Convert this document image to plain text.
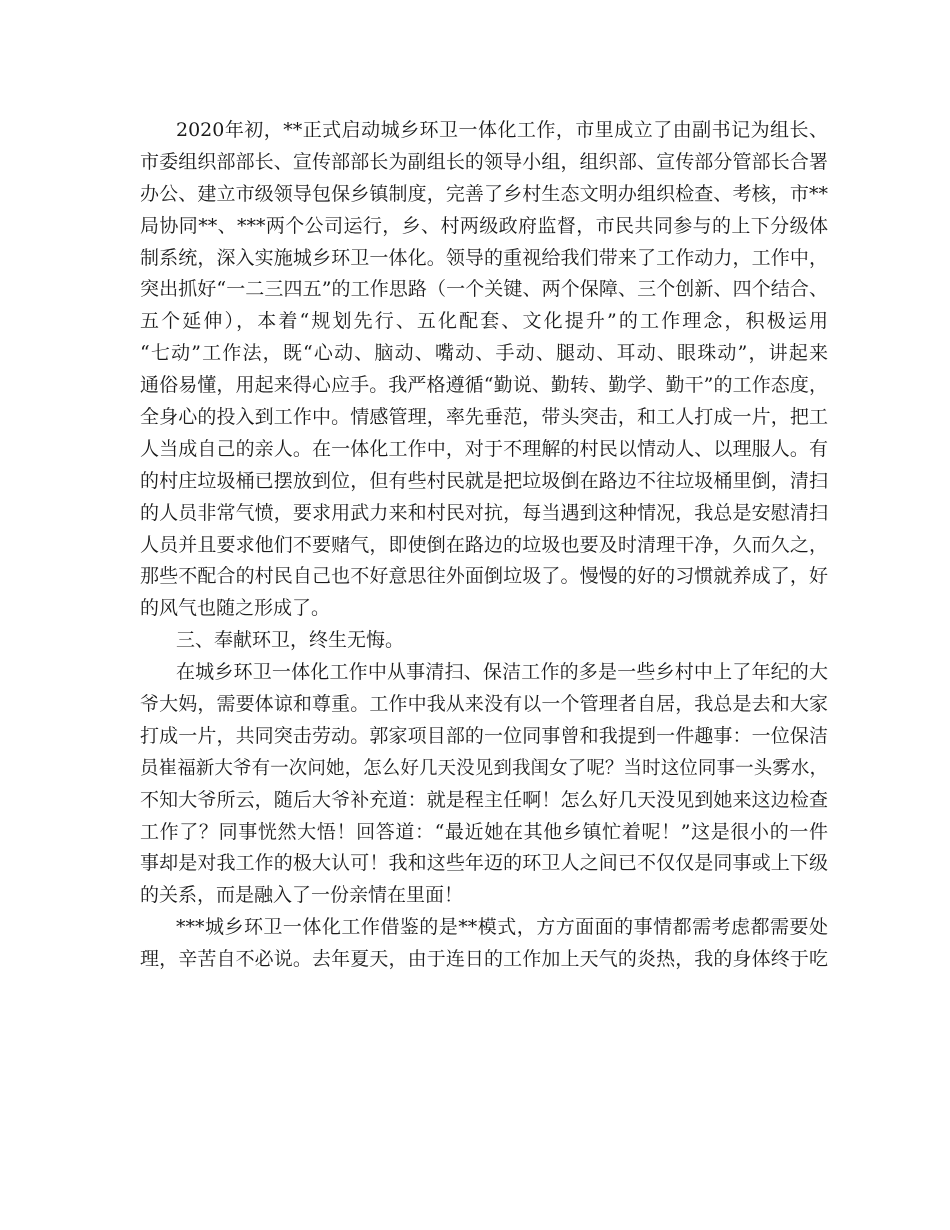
2020年初，**正式启动城乡环卫一体化工作，市里成立了由副书记为组长、
市委组织部部长、宣传部部长为副组长的领导小组，组织部、宣传部分管部长合署
办公、建立市级领导包保乡镇制度，完善了乡村生态文明办组织检查、考核，市**
局协同**、***两个公司运行，乡、村两级政府监督，市民共同参与的上下分级体
制系统，深入实施城乡环卫一体化。领导的重视给我们带来了工作动力，工作中，
突出抓好“一二三四五”的工作思路（一个关键、两个保障、三个创新、四个结合、
五个延伸），本着“规划先行、五化配套、文化提升”的工作理念，积极运用
“七动”工作法，既“心动、脑动、嘴动、手动、腿动、耳动、眼珠动”，讲起来
通俗易懂，用起来得心应手。我严格遵循“勤说、勤转、勤学、勤干”的工作态度，
全身心的投入到工作中。情感管理，率先垂范，带头突击，和工人打成一片，把工
人当成自己的亲人。在一体化工作中，对于不理解的村民以情动人、以理服人。有
的村庄垃圾桶已摆放到位，但有些村民就是把垃圾倒在路边不往垃圾桶里倒，清扫
的人员非常气愤，要求用武力来和村民对抗，每当遇到这种情况，我总是安慰清扫
人员并且要求他们不要赌气，即使倒在路边的垃圾也要及时清理干净，久而久之，
那些不配合的村民自己也不好意思往外面倒垃圾了。慢慢的好的习惯就养成了，好
的风气也随之形成了。
三、奉献环卫，终生无悔。
在城乡环卫一体化工作中从事清扫、保洁工作的多是一些乡村中上了年纪的大
爷大妈，需要体谅和尊重。工作中我从来没有以一个管理者自居，我总是去和大家
打成一片，共同突击劳动。郭家项目部的一位同事曾和我提到一件趣事：一位保洁
员崔福新大爷有一次问她，怎么好几天没见到我闺女了呢？当时这位同事一头雾水，
不知大爷所云，随后大爷补充道：就是程主任啊！怎么好几天没见到她来这边检查
工作了？同事恍然大悟！回答道：“最近她在其他乡镇忙着呢！”这是很小的一件
事却是对我工作的极大认可！我和这些年迈的环卫人之间已不仅仅是同事或上下级
的关系，而是融入了一份亲情在里面！
***城乡环卫一体化工作借鉴的是**模式，方方面面的事情都需考虑都需要处
理，辛苦自不必说。去年夏天，由于连日的工作加上天气的炎热，我的身体终于吃
